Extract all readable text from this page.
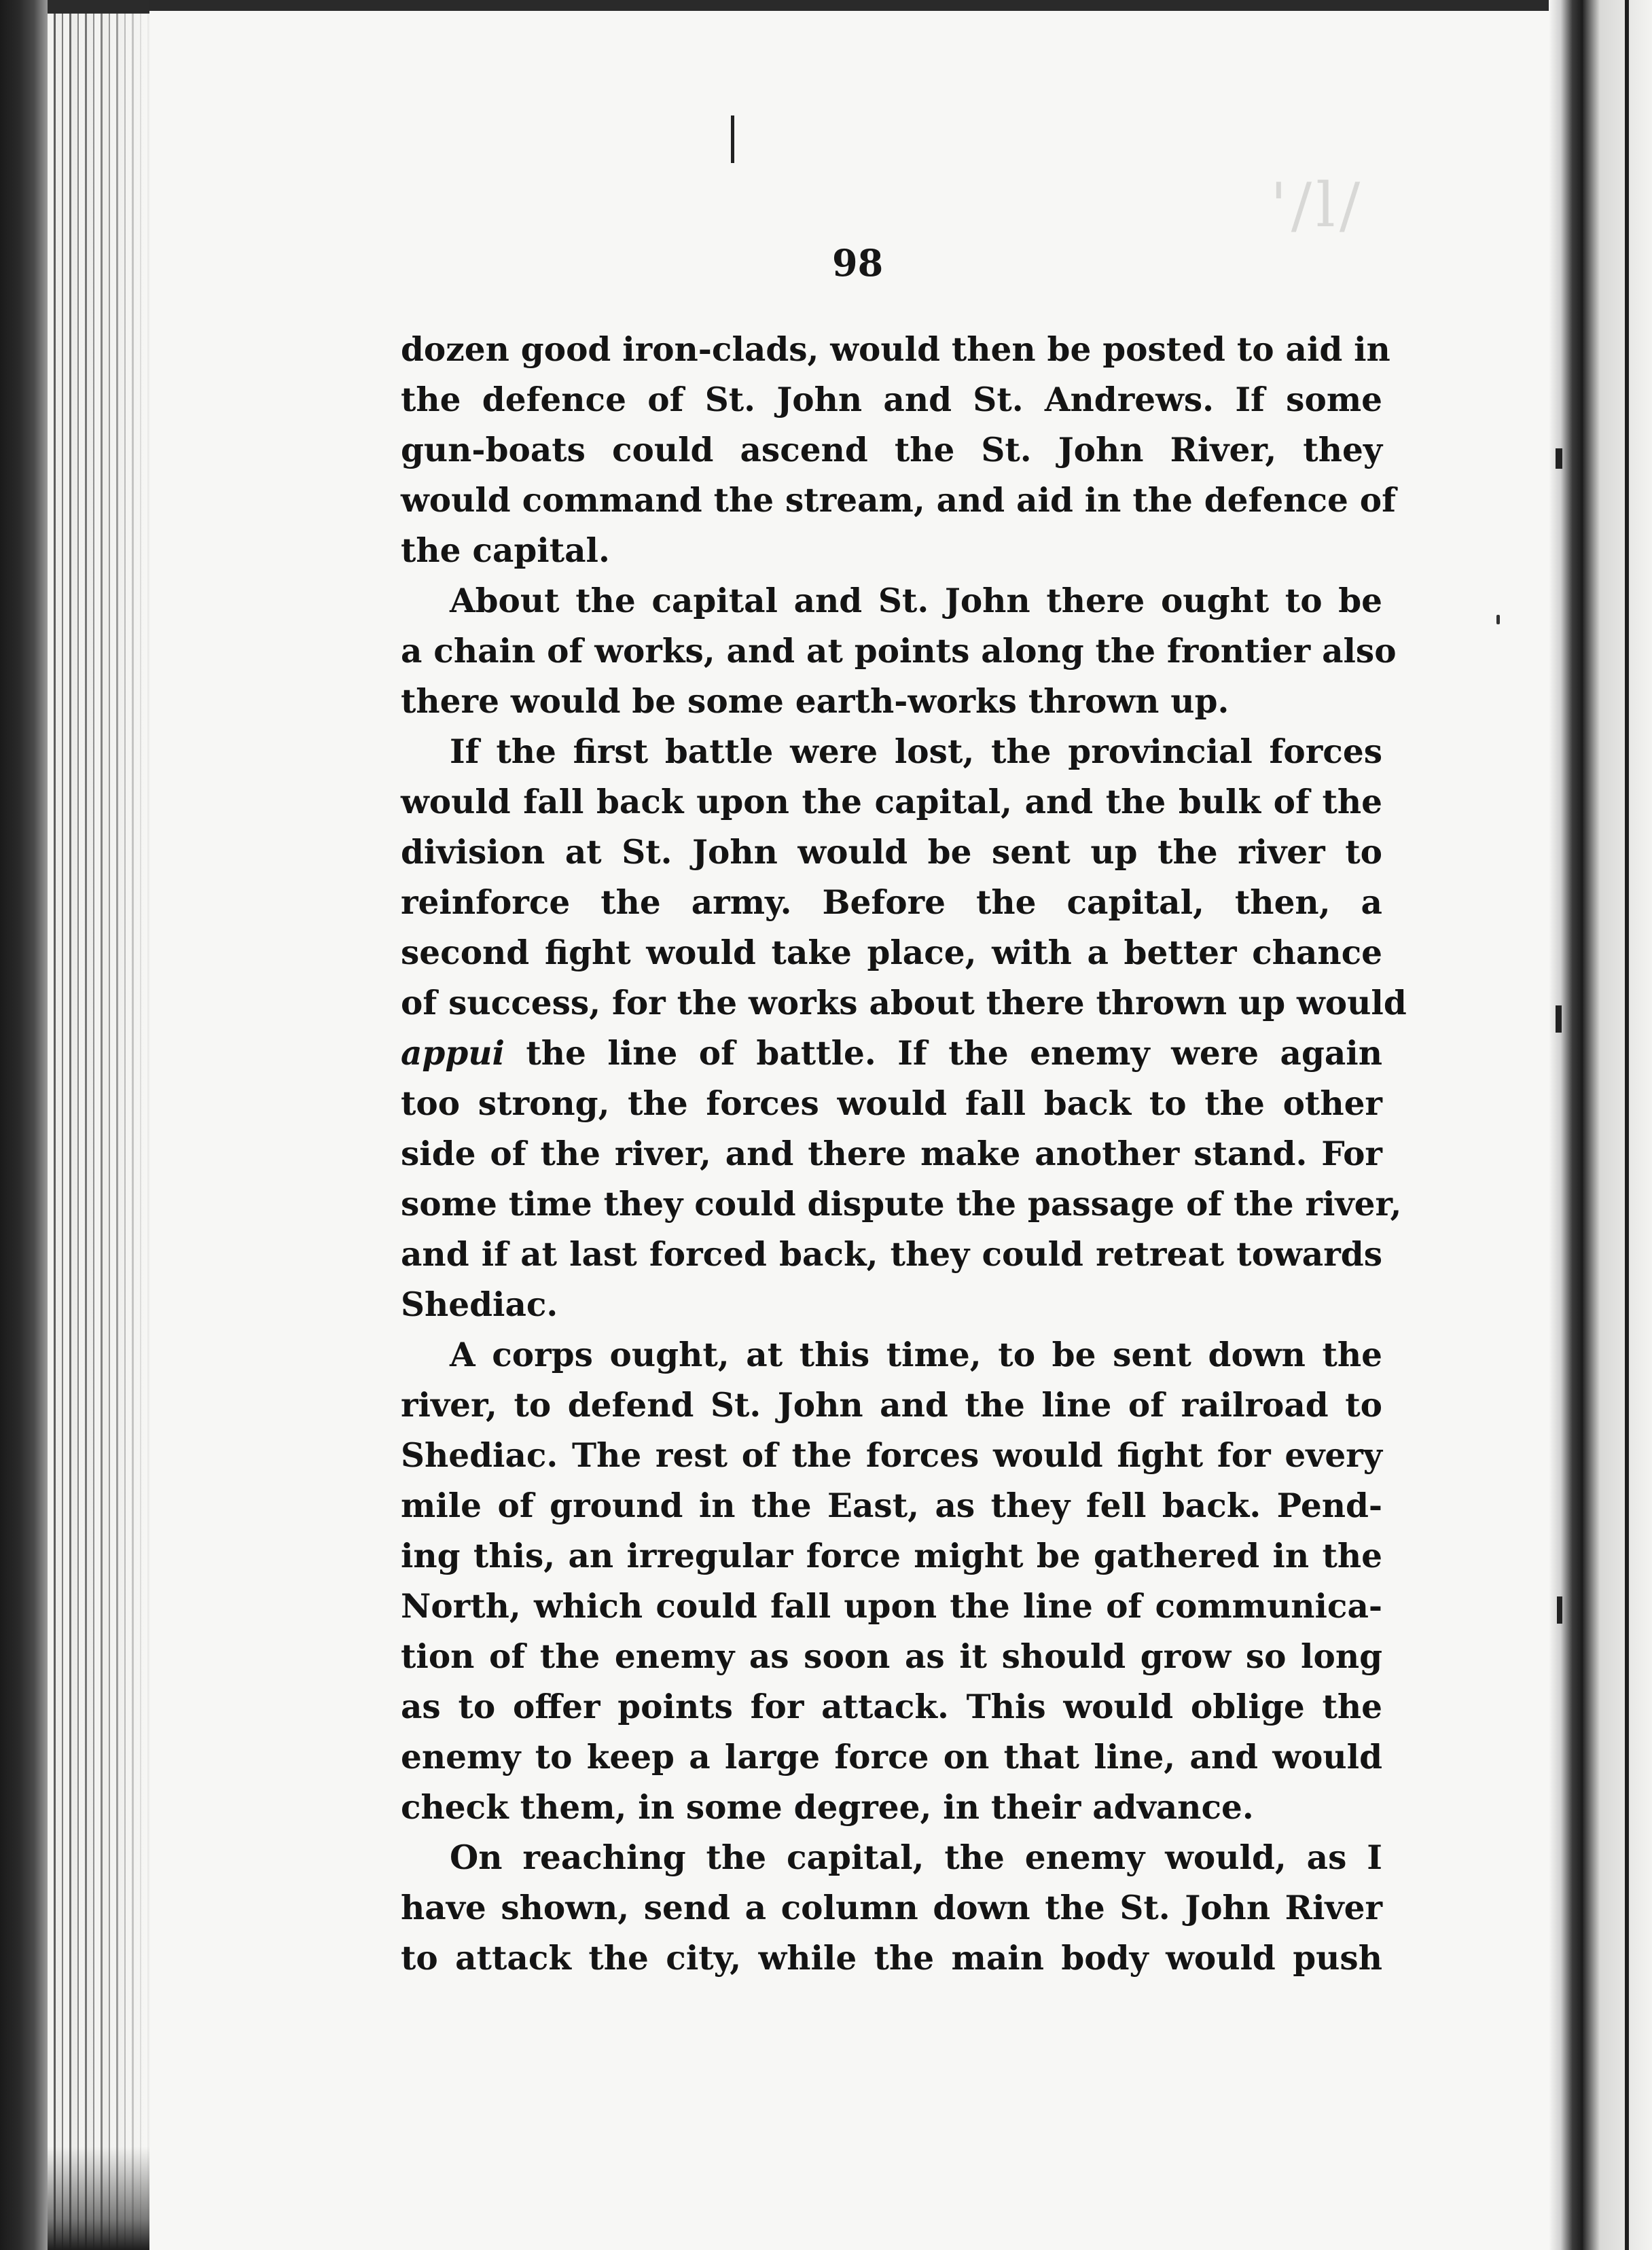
'/l/
98
dozen good iron-clads, would then be posted to aid in
the defence of St. John and St. Andrews. If some
gun-boats could ascend the St. John River, they
would command the stream, and aid in the defence of
the capital.
About the capital and St. John there ought to be
a chain of works, and at points along the frontier also
there would be some earth-works thrown up.
If the first battle were lost, the provincial forces
would fall back upon the capital, and the bulk of the
division at St. John would be sent up the river to
reinforce the army. Before the capital, then, a
second fight would take place, with a better chance
of success, for the works about there thrown up would
appui the line of battle. If the enemy were again
too strong, the forces would fall back to the other
side of the river, and there make another stand. For
some time they could dispute the passage of the river,
and if at last forced back, they could retreat towards
Shediac.
A corps ought, at this time, to be sent down the
river, to defend St. John and the line of railroad to
Shediac. The rest of the forces would fight for every
mile of ground in the East, as they fell back. Pend-
ing this, an irregular force might be gathered in the
North, which could fall upon the line of communica-
tion of the enemy as soon as it should grow so long
as to offer points for attack. This would oblige the
enemy to keep a large force on that line, and would
check them, in some degree, in their advance.
On reaching the capital, the enemy would, as I
have shown, send a column down the St. John River
to attack the city, while the main body would push
